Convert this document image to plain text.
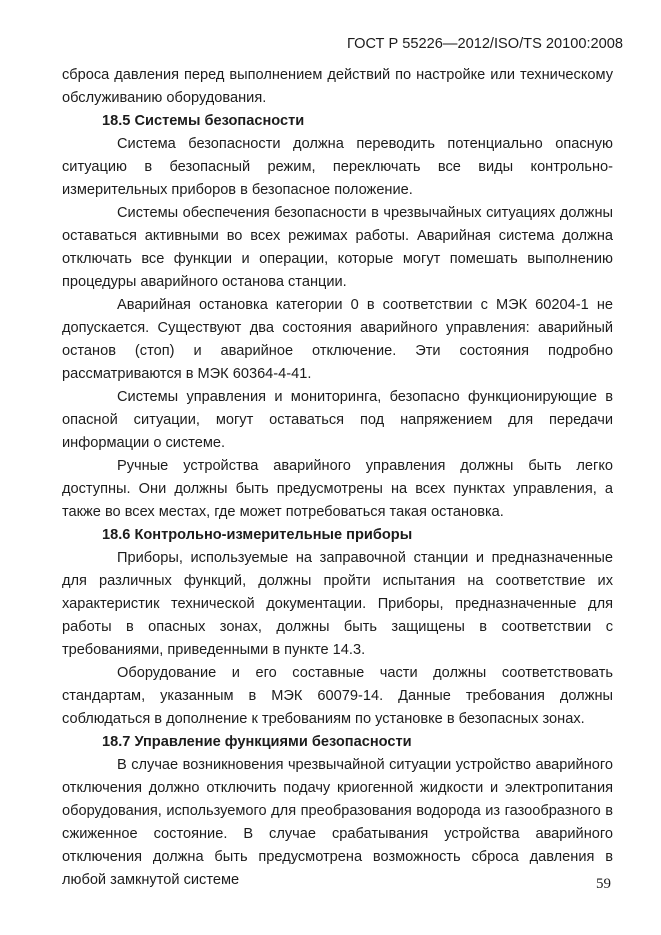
ГОСТ Р 55226—2012/ISO/TS 20100:2008

сброса давления перед выполнением действий по настройке или техническому обслуживанию оборудования.

18.5 Системы безопасности

Система безопасности должна переводить потенциально опасную ситуацию в безопасный режим, переключать все виды контрольно-измерительных приборов в безопасное положение.

Системы обеспечения безопасности в чрезвычайных ситуациях должны оставаться активными во всех режимах работы. Аварийная система должна отключать все функции и операции, которые могут помешать выполнению процедуры аварийного останова станции.

Аварийная остановка категории 0 в соответствии с МЭК 60204-1 не допускается. Существуют два состояния аварийного управления: аварийный останов (стоп) и аварийное отключение. Эти состояния подробно рассматриваются в МЭК 60364-4-41.

Системы управления и мониторинга, безопасно функционирующие в опасной ситуации, могут оставаться под напряжением для передачи информации о системе.

Ручные устройства аварийного управления должны быть легко доступны. Они должны быть предусмотрены на всех пунктах управления, а также во всех местах, где может потребоваться такая остановка.

18.6 Контрольно-измерительные приборы

Приборы, используемые на заправочной станции и предназначенные для различных функций, должны пройти испытания на соответствие их характеристик технической документации. Приборы, предназначенные для работы в опасных зонах, должны быть защищены в соответствии с требованиями, приведенными в пункте 14.3.

Оборудование и его составные части должны соответствовать стандартам, указанным в МЭК 60079-14. Данные требования должны соблюдаться в дополнение к требованиям по установке в безопасных зонах.

18.7 Управление функциями безопасности

В случае возникновения чрезвычайной ситуации устройство аварийного отключения должно отключить подачу криогенной жидкости и электропитания оборудования, используемого для преобразования водорода из газообразного в сжиженное состояние. В случае срабатывания устройства аварийного отключения должна быть предусмотрена возможность сброса давления в любой замкнутой системе	59
